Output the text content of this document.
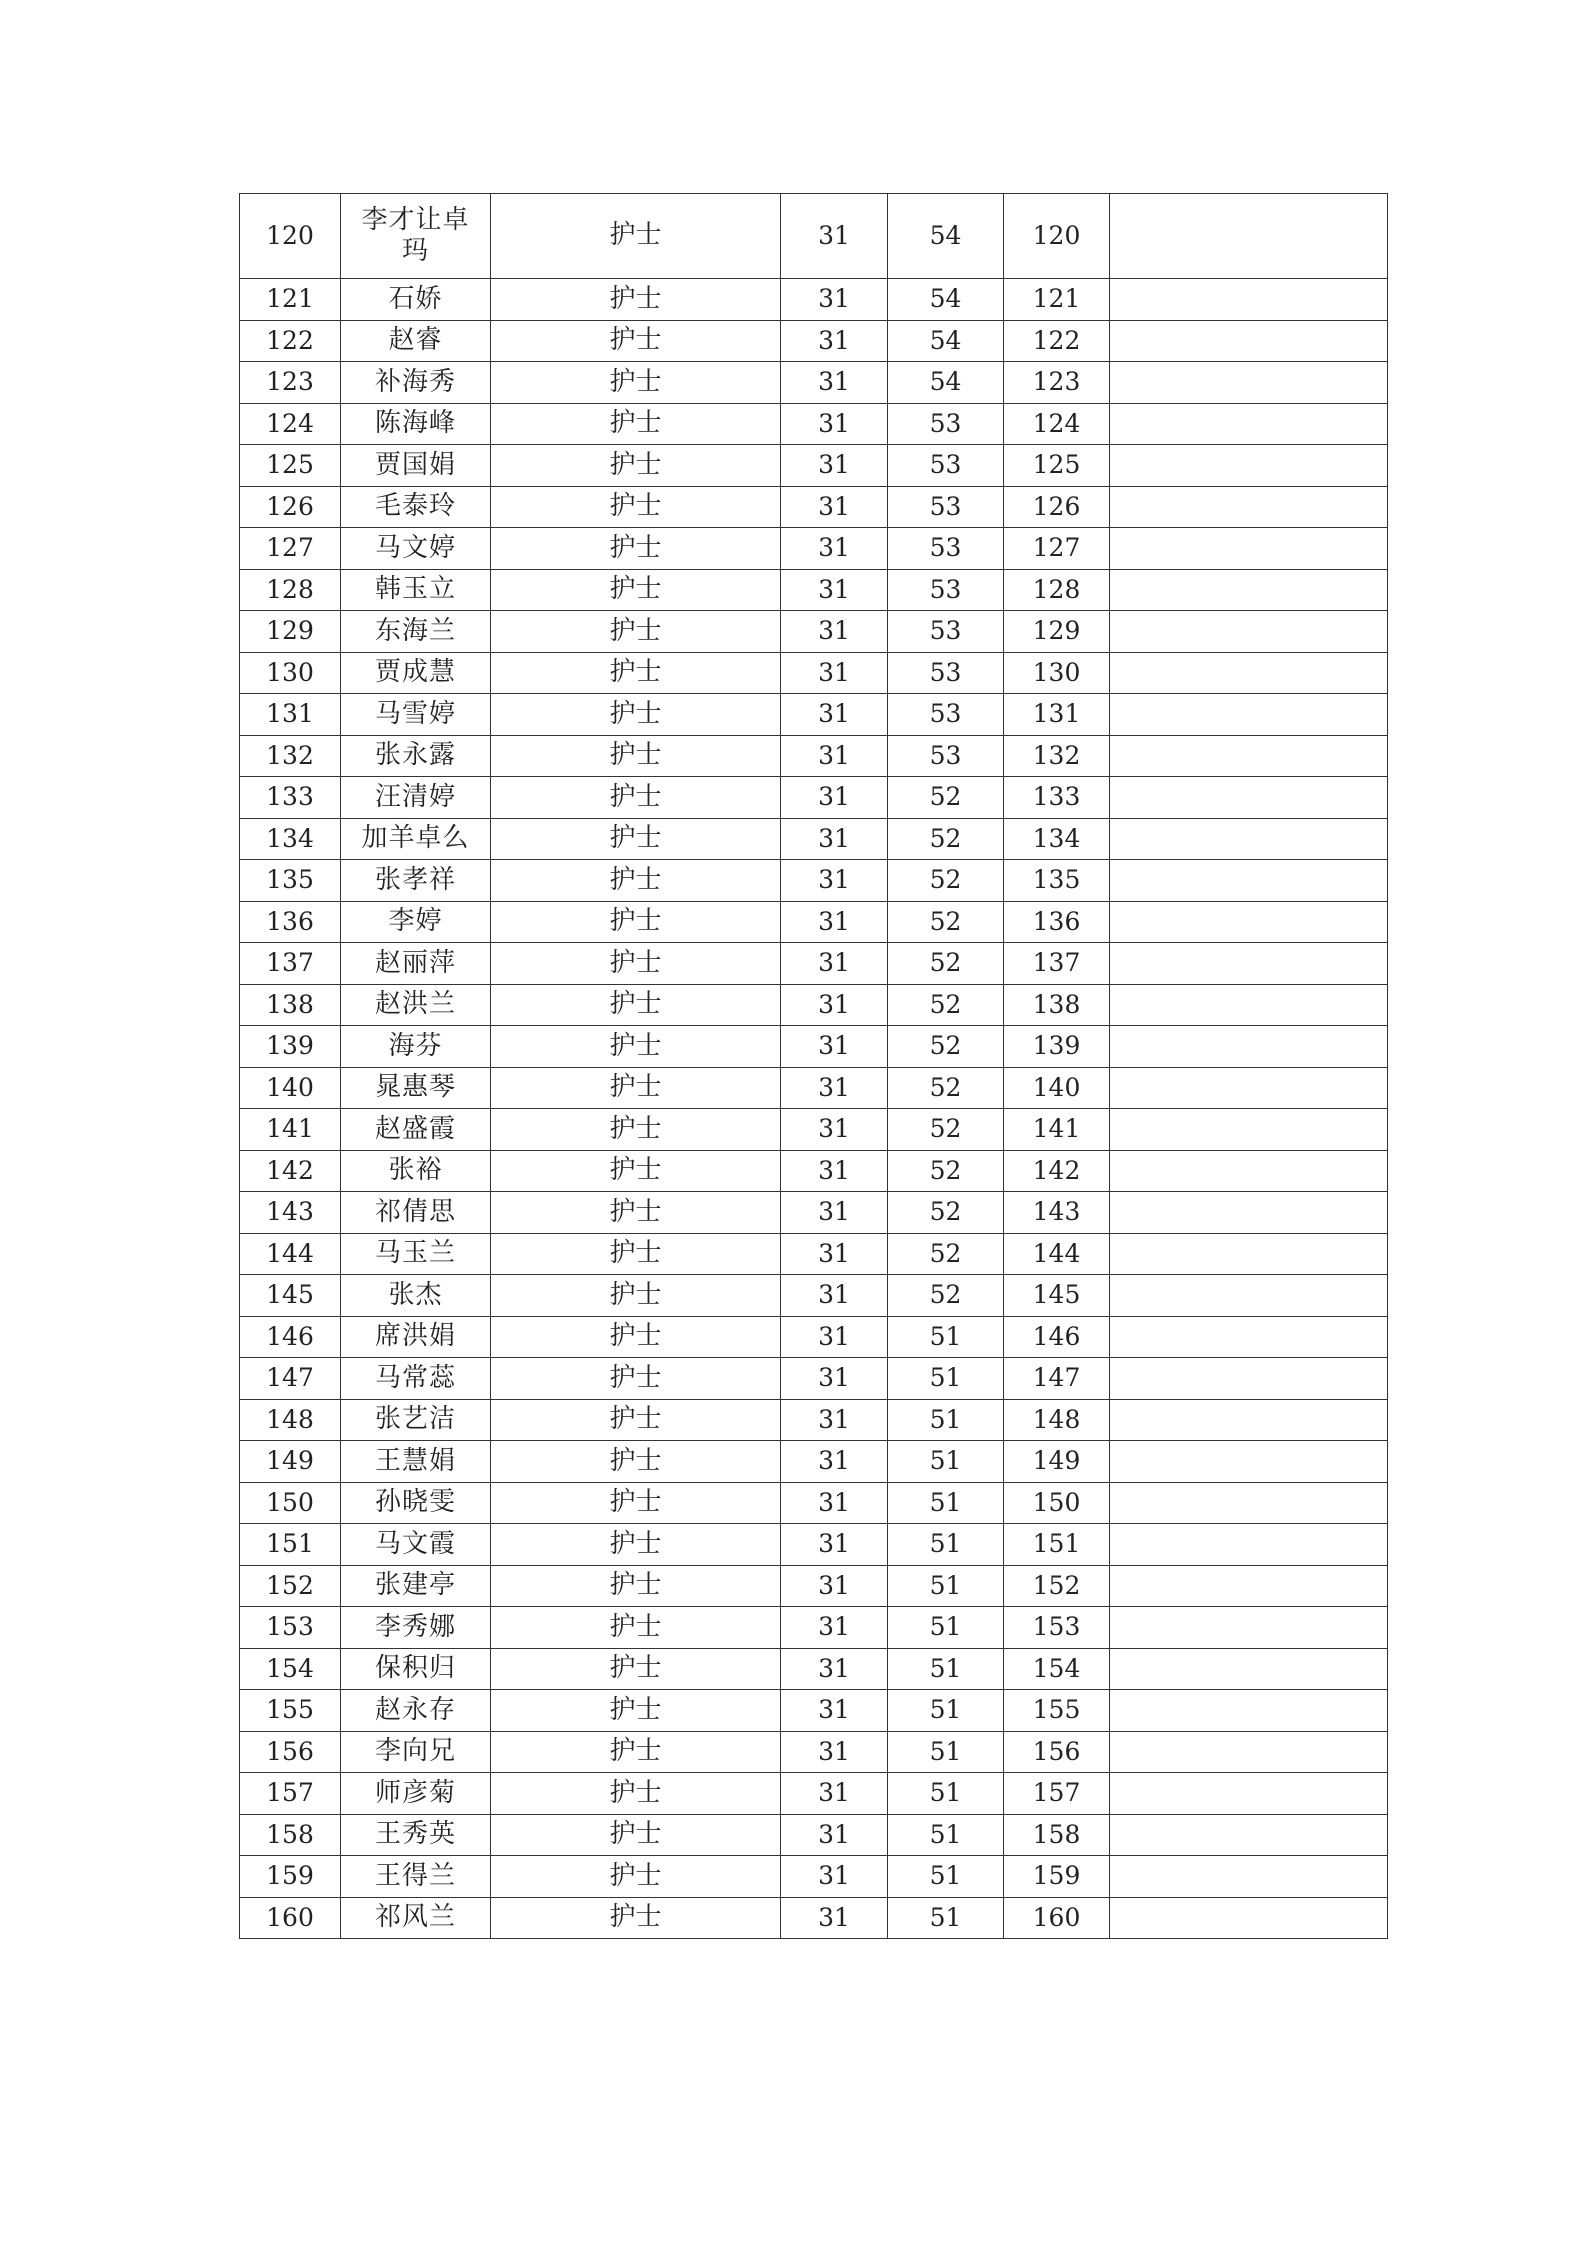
120	李才让卓玛	护士	31	54	120	
121	石娇	护士	31	54	121	
122	赵睿	护士	31	54	122	
123	补海秀	护士	31	54	123	
124	陈海峰	护士	31	53	124	
125	贾国娟	护士	31	53	125	
126	毛泰玲	护士	31	53	126	
127	马文婷	护士	31	53	127	
128	韩玉立	护士	31	53	128	
129	东海兰	护士	31	53	129	
130	贾成慧	护士	31	53	130	
131	马雪婷	护士	31	53	131	
132	张永露	护士	31	53	132	
133	汪清婷	护士	31	52	133	
134	加羊卓么	护士	31	52	134	
135	张孝祥	护士	31	52	135	
136	李婷	护士	31	52	136	
137	赵丽萍	护士	31	52	137	
138	赵洪兰	护士	31	52	138	
139	海芬	护士	31	52	139	
140	晁惠琴	护士	31	52	140	
141	赵盛霞	护士	31	52	141	
142	张裕	护士	31	52	142	
143	祁倩思	护士	31	52	143	
144	马玉兰	护士	31	52	144	
145	张杰	护士	31	52	145	
146	席洪娟	护士	31	51	146	
147	马常蕊	护士	31	51	147	
148	张艺洁	护士	31	51	148	
149	王慧娟	护士	31	51	149	
150	孙晓雯	护士	31	51	150	
151	马文霞	护士	31	51	151	
152	张建亭	护士	31	51	152	
153	李秀娜	护士	31	51	153	
154	保积归	护士	31	51	154	
155	赵永存	护士	31	51	155	
156	李向兄	护士	31	51	156	
157	师彦菊	护士	31	51	157	
158	王秀英	护士	31	51	158	
159	王得兰	护士	31	51	159	
160	祁风兰	护士	31	51	160	
